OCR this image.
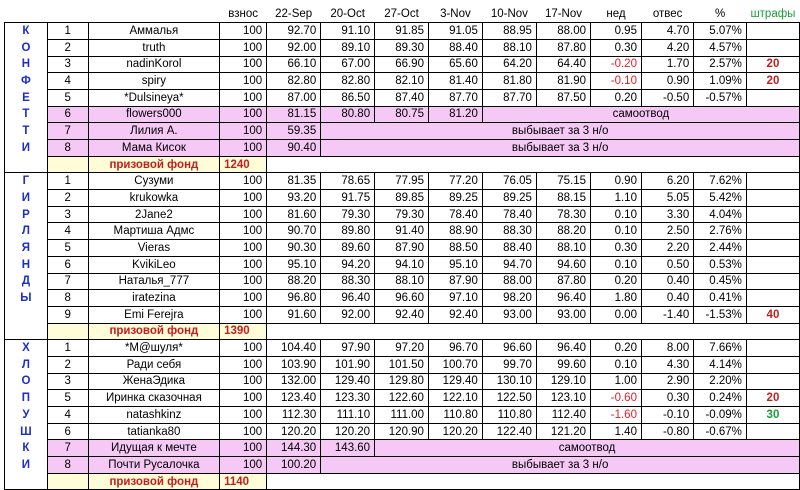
			взнос	22-Sep	20-Oct	27-Oct	3-Nov	10-Nov	17-Nov	нед	отвес	%	штрафы
К	1	Аммалья	100	92.70	91.10	91.85	91.05	88.95	88.00	0.95	4.70	5.07%	
О	2	truth	100	92.00	89.10	89.30	88.40	88.10	87.80	0.30	4.20	4.57%	
Н	3	nadinKorol	100	66.10	67.00	66.90	65.60	64.20	64.40	-0.20	1.70	2.57%	20
Ф	4	spiry	100	82.80	82.80	82.10	81.40	81.80	81.90	-0.10	0.90	1.09%	20
Е	5	*Dulsineya*	100	87.00	86.50	87.40	87.70	87.70	87.50	0.20	-0.50	-0.57%	
Т	6	flowers000	100	81.15	80.80	80.75	81.20	самоотвод					
Т	7	Лилия А.	100	59.35	выбывает за 3 н/о								
И	8	Мама Кисок	100	90.40	выбывает за 3 н/о								
		призовой фонд	1240										
Г	1	Сузуми	100	81.35	78.65	77.95	77.20	76.05	75.15	0.90	6.20	7.62%	
И	2	krukowka	100	93.20	91.75	89.85	89.25	89.25	88.15	1.10	5.05	5.42%	
Р	3	2Jane2	100	81.60	79.30	79.30	78.40	78.40	78.30	0.10	3.30	4.04%	
Л	4	Мартиша Адмс	100	90.70	89.80	91.40	88.90	88.30	88.20	0.10	2.50	2.76%	
Я	5	Vieras	100	90.30	89.60	87.90	88.50	88.40	88.10	0.30	2.20	2.44%	
Н	6	KvikiLeo	100	95.10	94.20	94.10	95.10	94.70	94.60	0.10	0.50	0.53%	
Д	7	Наталья_777	100	88.20	88.30	88.10	87.90	88.00	87.80	0.20	0.40	0.45%	
Ы	8	iratezina	100	96.80	96.40	96.60	97.10	98.20	96.40	1.80	0.40	0.41%	
	9	Emi Ferejra	100	91.60	92.00	92.40	92.40	93.00	93.00	0.00	-1.40	-1.53%	40
		призовой фонд	1390										
Х	1	*М@шуля*	100	104.40	97.90	97.20	96.70	96.60	96.40	0.20	8.00	7.66%	
Л	2	Ради себя	100	103.90	101.90	101.50	100.70	99.70	99.60	0.10	4.30	4.14%	
О	3	ЖенаЭдика	100	132.00	129.40	129.80	129.40	130.10	129.10	1.00	2.90	2.20%	
П	5	Иринка сказочная	100	123.40	123.30	122.60	122.10	122.50	123.10	-0.60	0.30	0.24%	20
У	4	natashkinz	100	112.30	111.10	111.00	110.80	110.80	112.40	-1.60	-0.10	-0.09%	30
Ш	6	tatianka80	100	120.20	120.20	120.90	120.20	122.40	121.20	1.40	-0.80	-0.67%	
К	7	Идущая к мечте	100	144.30	143.60	самоотвод							
И	8	Почти Русалочка	100	100.20	выбывает за 3 н/о								
		призовой фонд	1140										
